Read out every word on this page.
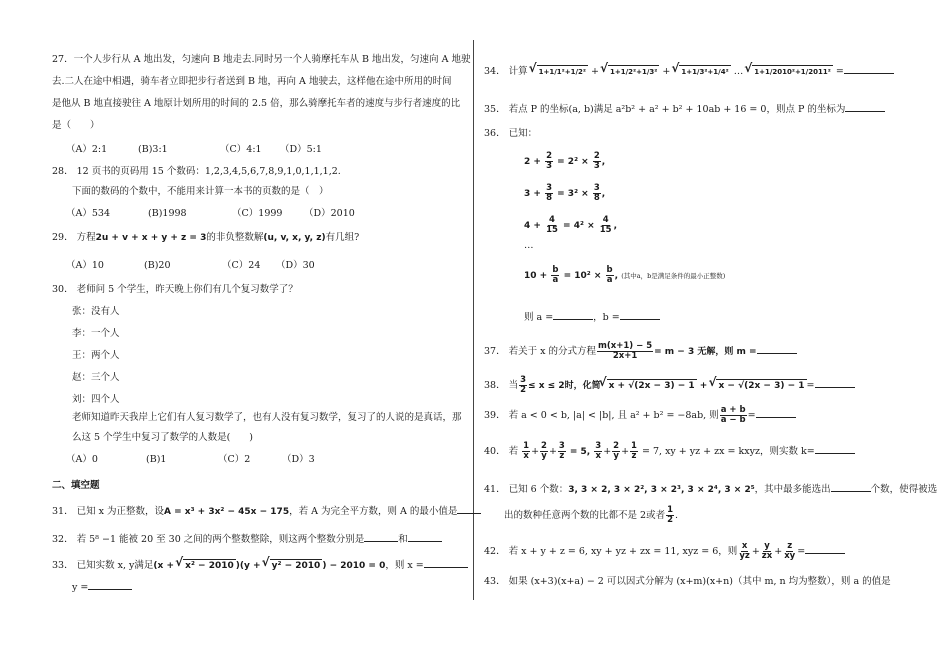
27．一个人步行从 A 地出发，匀速向 B 地走去.同时另一个人骑摩托车从 B 地出发，匀速向 A 地驶
去.二人在途中相遇，骑车者立即把步行者送到 B 地，再向 A 地驶去，这样他在途中所用的时间
是他从 B 地直接驶往 A 地原计划所用的时间的 2.5 倍，那么骑摩托车者的速度与步行者速度的比
是（　　）
（A）2:1	(B)3:1	（C）4:1 （D）5:1
28． 12 页书的页码用 15 个数码：1,2,3,4,5,6,7,8,9,1,0,1,1,1,2.
下面的数码的个数中，不能用来计算一本书的页数的是（　）
（A）534	(B)1998	（C）1999 （D）2010
29． 方程2u + v + x + y + z = 3的非负整数解(u, v, x, y, z)有几组?
（A）10	(B)20	（C）24 （D）30
30． 老师问 5 个学生，昨天晚上你们有几个复习数学了？
张：没有人
李：一个人
王：两个人
赵：三个人
刘：四个人
老师知道昨天我岸上它们有人复习数学了，也有人没有复习数学，复习了的人说的是真话，那
么这 5 个学生中复习了数学的人数是(　　)
（A）0	(B)1	（C）2	（D）3
二、填空题
31． 已知 x 为正整数，设A = x³ + 3x² − 45x − 175，若 A 为完全平方数，则 A 的最小值是
32． 若 5⁸ −1 能被 20 至 30 之间的两个整数整除，则这两个整数分别是	和
33． 已知实数 x, y满足(x + √ x² − 2010 )(y + √ y² − 2010 ) − 2010 = 0，则 x =
y =
34． 计算 √ 1+1/1²+1/2² + √ 1+1/2²+1/3² + √ 1+1/3²+1/4² … √ 1+1/2010²+1/2011² =
35． 若点 P 的坐标(a, b)满足 a²b² + a² + b² + 10ab + 16 = 0，则点 P 的坐标为
36． 已知：
$2 + \frac{2}{3} = 2^2 \times \frac{2}{3}$ ,
$3 + \frac{3}{8} = 3^2 \times \frac{3}{8}$ ,
$4 + \frac{4}{15} = 4^2 \times \frac{4}{15}$ ,
…
$10 + \frac{b}{a} = 10^2 \times \frac{b}{a}$ , (其中a，b是满足条件的最小正整数)
则 a =	，b =
37． 若关于 x 的分式方程 $\frac{m(x+1) - 5}{2x+1} = m - 3$ 无解，则 m =
38． 当 $\frac{3}{2} \le x \le 2$时，化简 √ x + √(2x − 3) − 1 + √ x − √(2x − 3) − 1 =
39． 若 a < 0 < b, |a| < |b|, 且 a² + b² = −8ab, 则 $\frac{a + b}{a - b}$ =
40． 若 $\frac{1}{x} + \frac{2}{y} + \frac{3}{z} = 5$, $\frac{3}{x} + \frac{2}{y} + \frac{1}{z} = 7$, xy + yz + zx = kxyz，则实数 k=
41． 已知 6 个数：3, 3 × 2, 3 × 2², 3 × 2³, 3 × 2⁴, 3 × 2⁵，其中最多能选出	个数，使得被选
出的数种任意两个数的比都不是 2或者 $\frac{1}{2}$ .
42． 若 x + y + z = 6, xy + yz + zx = 11, xyz = 6，则 $\frac{x}{yz} + \frac{y}{zx} + \frac{z}{xy}$ =
43． 如果 (x+3)(x+a) − 2 可以因式分解为 (x+m)(x+n)（其中 m, n 均为整数），则 a 的值是
